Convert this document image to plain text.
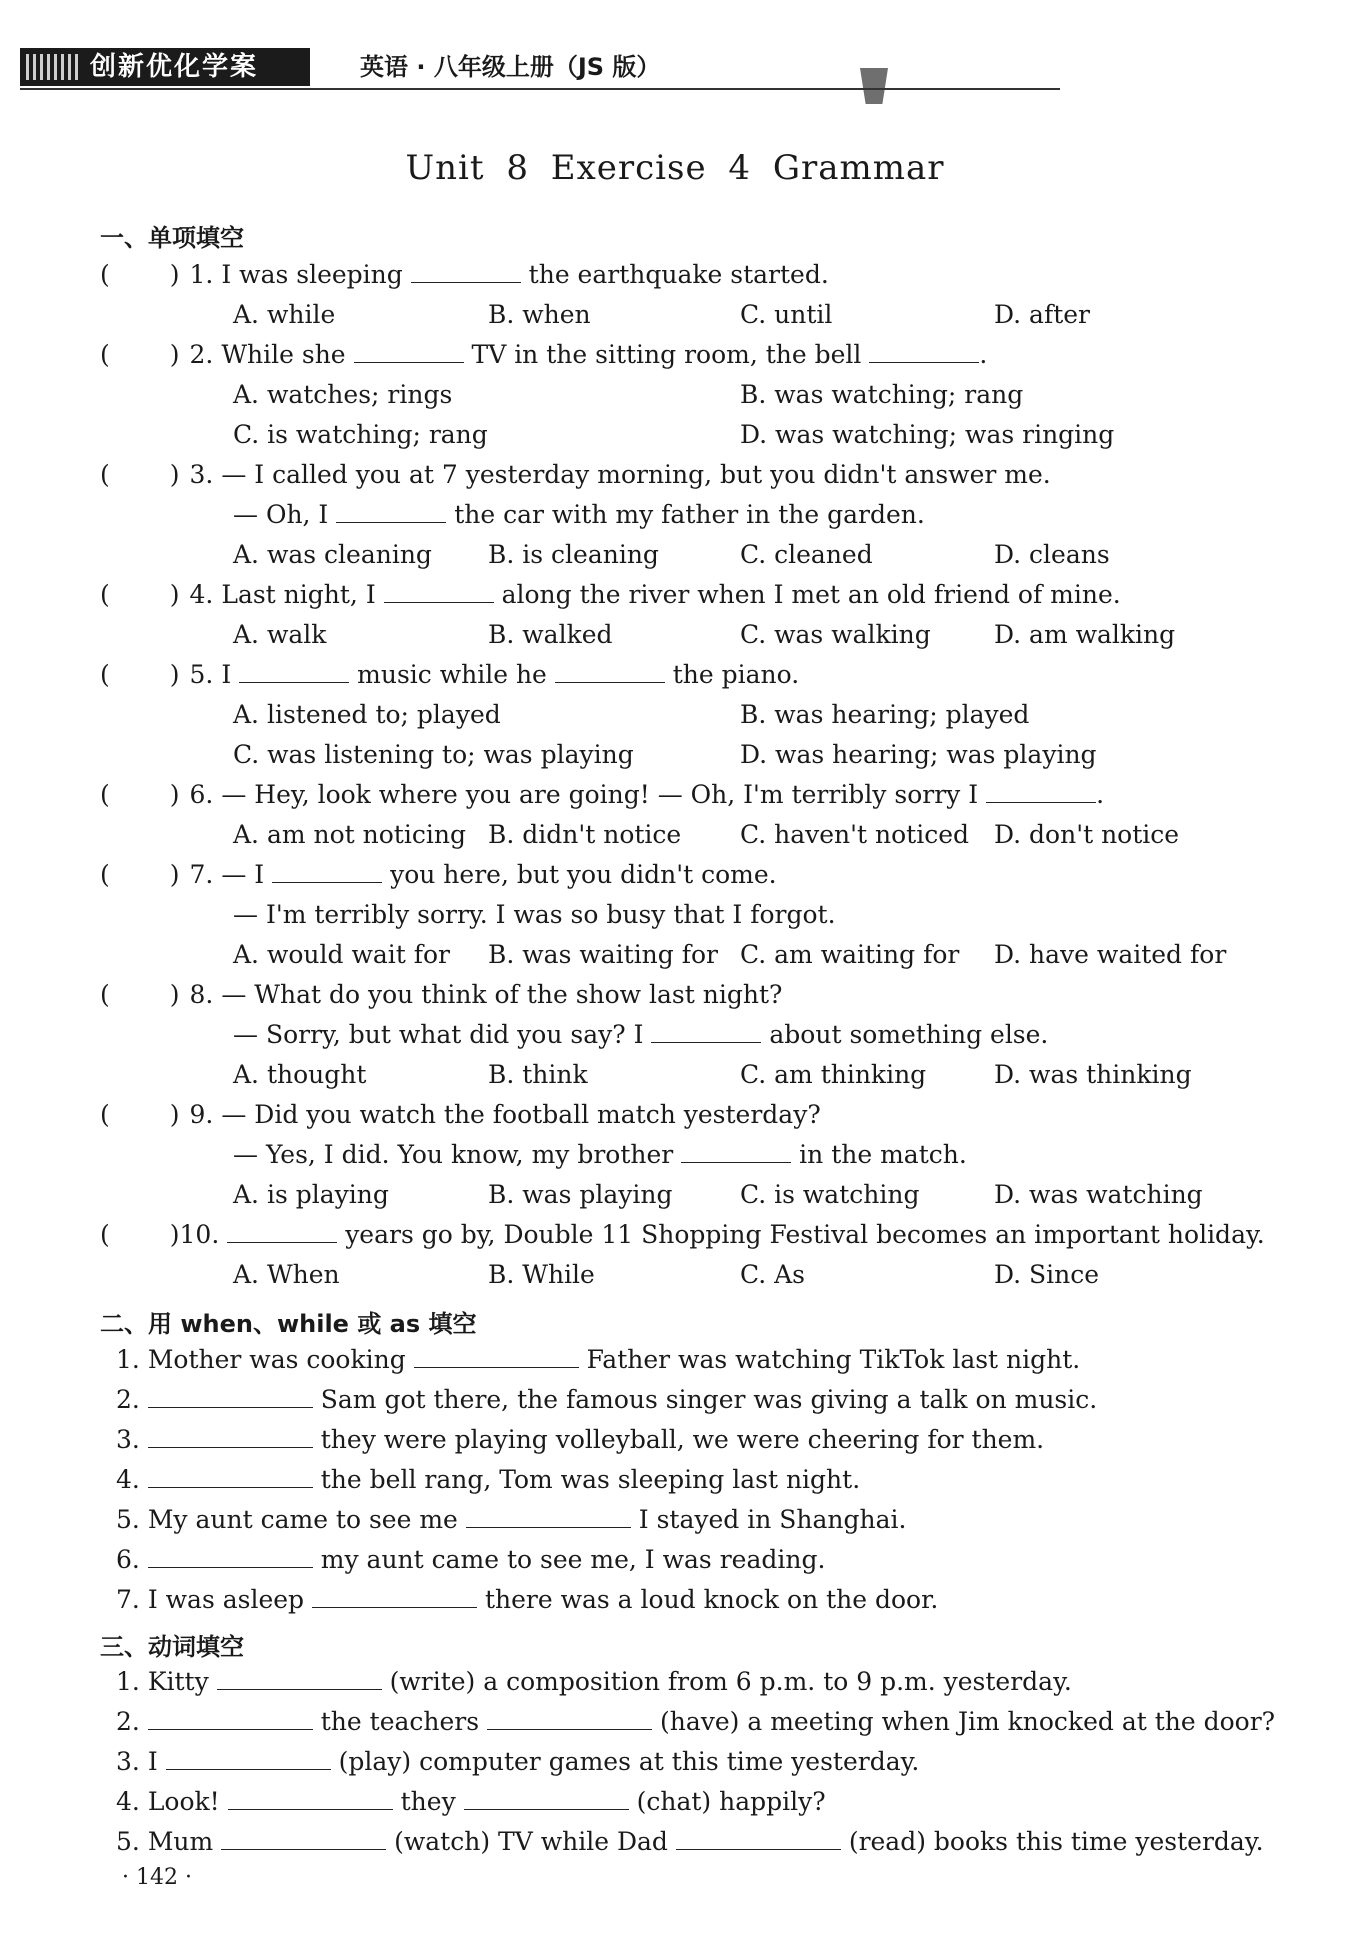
创新优化学案	英语 · 八年级上册（JS 版）
Unit 8 Exercise 4 Grammar
一、单项填空
( ) 1. I was sleeping	the earthquake started.
A. while	B. when	C. until	D. after
( ) 2. While she	TV in the sitting room, the bell	.
A. watches; rings	B. was watching; rang
C. is watching; rang	D. was watching; was ringing
( ) 3. — I called you at 7 yesterday morning, but you didn't answer me.
— Oh, I	the car with my father in the garden.
A. was cleaning B. is cleaning	C. cleaned	D. cleans
( ) 4. Last night, I	along the river when I met an old friend of mine.
A. walk	B. walked	C. was walking	D. am walking
( ) 5. I	music while he	the piano.
A. listened to; played	B. was hearing; played
C. was listening to; was playing	D. was hearing; was playing
( ) 6. — Hey, look where you are going! — Oh, I'm terribly sorry I	.
A. am not noticing B. didn't notice C. haven't noticed D. don't notice
( ) 7. — I	you here, but you didn't come.
— I'm terribly sorry. I was so busy that I forgot.
A. would wait for B. was waiting for C. am waiting for D. have waited for
( ) 8. — What do you think of the show last night?
— Sorry, but what did you say? I	about something else.
A. thought	B. think	C. am thinking	D. was thinking
( ) 9. — Did you watch the football match yesterday?
— Yes, I did. You know, my brother	in the match.
A. is playing	B. was playing	C. is watching	D. was watching
( )10.	years go by, Double 11 Shopping Festival becomes an important holiday.
A. When	B. While	C. As	D. Since
二、用 when、while 或 as 填空
1. Mother was cooking	Father was watching TikTok last night.
2.	Sam got there, the famous singer was giving a talk on music.
3.	they were playing volleyball, we were cheering for them.
4.	the bell rang, Tom was sleeping last night.
5. My aunt came to see me	I stayed in Shanghai.
6.	my aunt came to see me, I was reading.
7. I was asleep	there was a loud knock on the door.
三、动词填空
1. Kitty	(write) a composition from 6 p.m. to 9 p.m. yesterday.
2.	the teachers	(have) a meeting when Jim knocked at the door?
3. I	(play) computer games at this time yesterday.
4. Look!	they	(chat) happily?
5. Mum	(watch) TV while Dad	(read) books this time yesterday.
· 142 ·
